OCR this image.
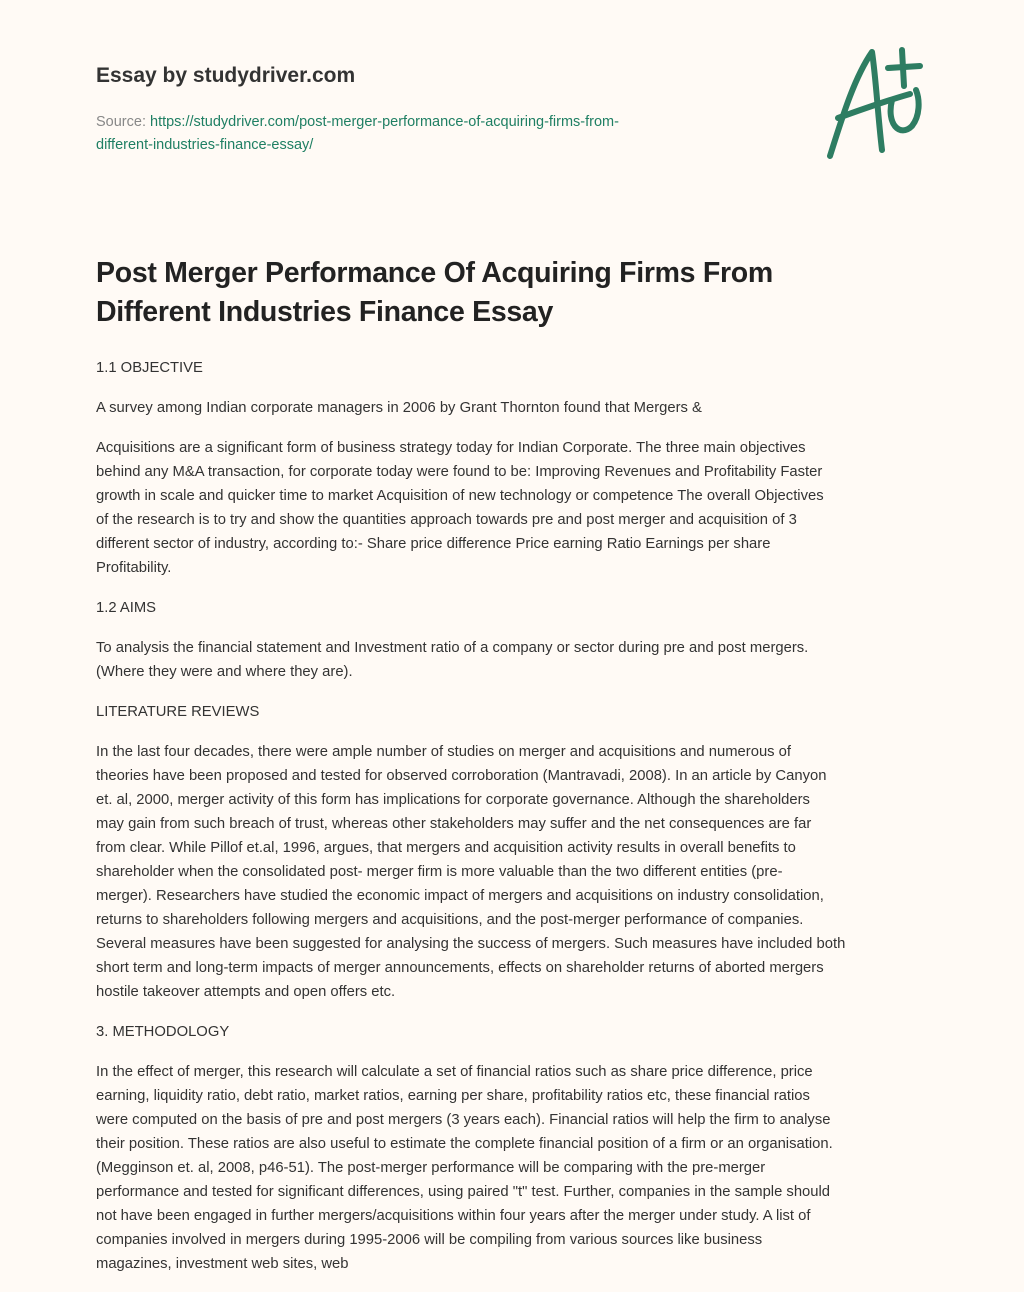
Essay by studydriver.com
Source: https://studydriver.com/post-merger-performance-of-acquiring-firms-from-
different-industries-finance-essay/
Post Merger Performance Of Acquiring Firms From
Different Industries Finance Essay

1.1 OBJECTIVE

A survey among Indian corporate managers in 2006 by Grant Thornton found that Mergers &

Acquisitions are a significant form of business strategy today for Indian Corporate. The three main objectives
behind any M&A transaction, for corporate today were found to be: Improving Revenues and Profitability Faster
growth in scale and quicker time to market Acquisition of new technology or competence The overall Objectives
of the research is to try and show the quantities approach towards pre and post merger and acquisition of 3
different sector of industry, according to:- Share price difference Price earning Ratio Earnings per share
Profitability.

1.2 AIMS

To analysis the financial statement and Investment ratio of a company or sector during pre and post mergers.
(Where they were and where they are).

LITERATURE REVIEWS

In the last four decades, there were ample number of studies on merger and acquisitions and numerous of
theories have been proposed and tested for observed corroboration (Mantravadi, 2008). In an article by Canyon
et. al, 2000, merger activity of this form has implications for corporate governance. Although the shareholders
may gain from such breach of trust, whereas other stakeholders may suffer and the net consequences are far
from clear. While Pillof et.al, 1996, argues, that mergers and acquisition activity results in overall benefits to
shareholder when the consolidated post- merger firm is more valuable than the two different entities (pre-
merger). Researchers have studied the economic impact of mergers and acquisitions on industry consolidation,
returns to shareholders following mergers and acquisitions, and the post-merger performance of companies.
Several measures have been suggested for analysing the success of mergers. Such measures have included both
short term and long-term impacts of merger announcements, effects on shareholder returns of aborted mergers
hostile takeover attempts and open offers etc.

3. METHODOLOGY

In the effect of merger, this research will calculate a set of financial ratios such as share price difference, price
earning, liquidity ratio, debt ratio, market ratios, earning per share, profitability ratios etc, these financial ratios
were computed on the basis of pre and post mergers (3 years each). Financial ratios will help the firm to analyse
their position. These ratios are also useful to estimate the complete financial position of a firm or an organisation.
(Megginson et. al, 2008, p46-51). The post-merger performance will be comparing with the pre-merger
performance and tested for significant differences, using paired "t" test. Further, companies in the sample should
not have been engaged in further mergers/acquisitions within four years after the merger under study. A list of
companies involved in mergers during 1995-2006 will be compiling from various sources like business
magazines, investment web sites, web
